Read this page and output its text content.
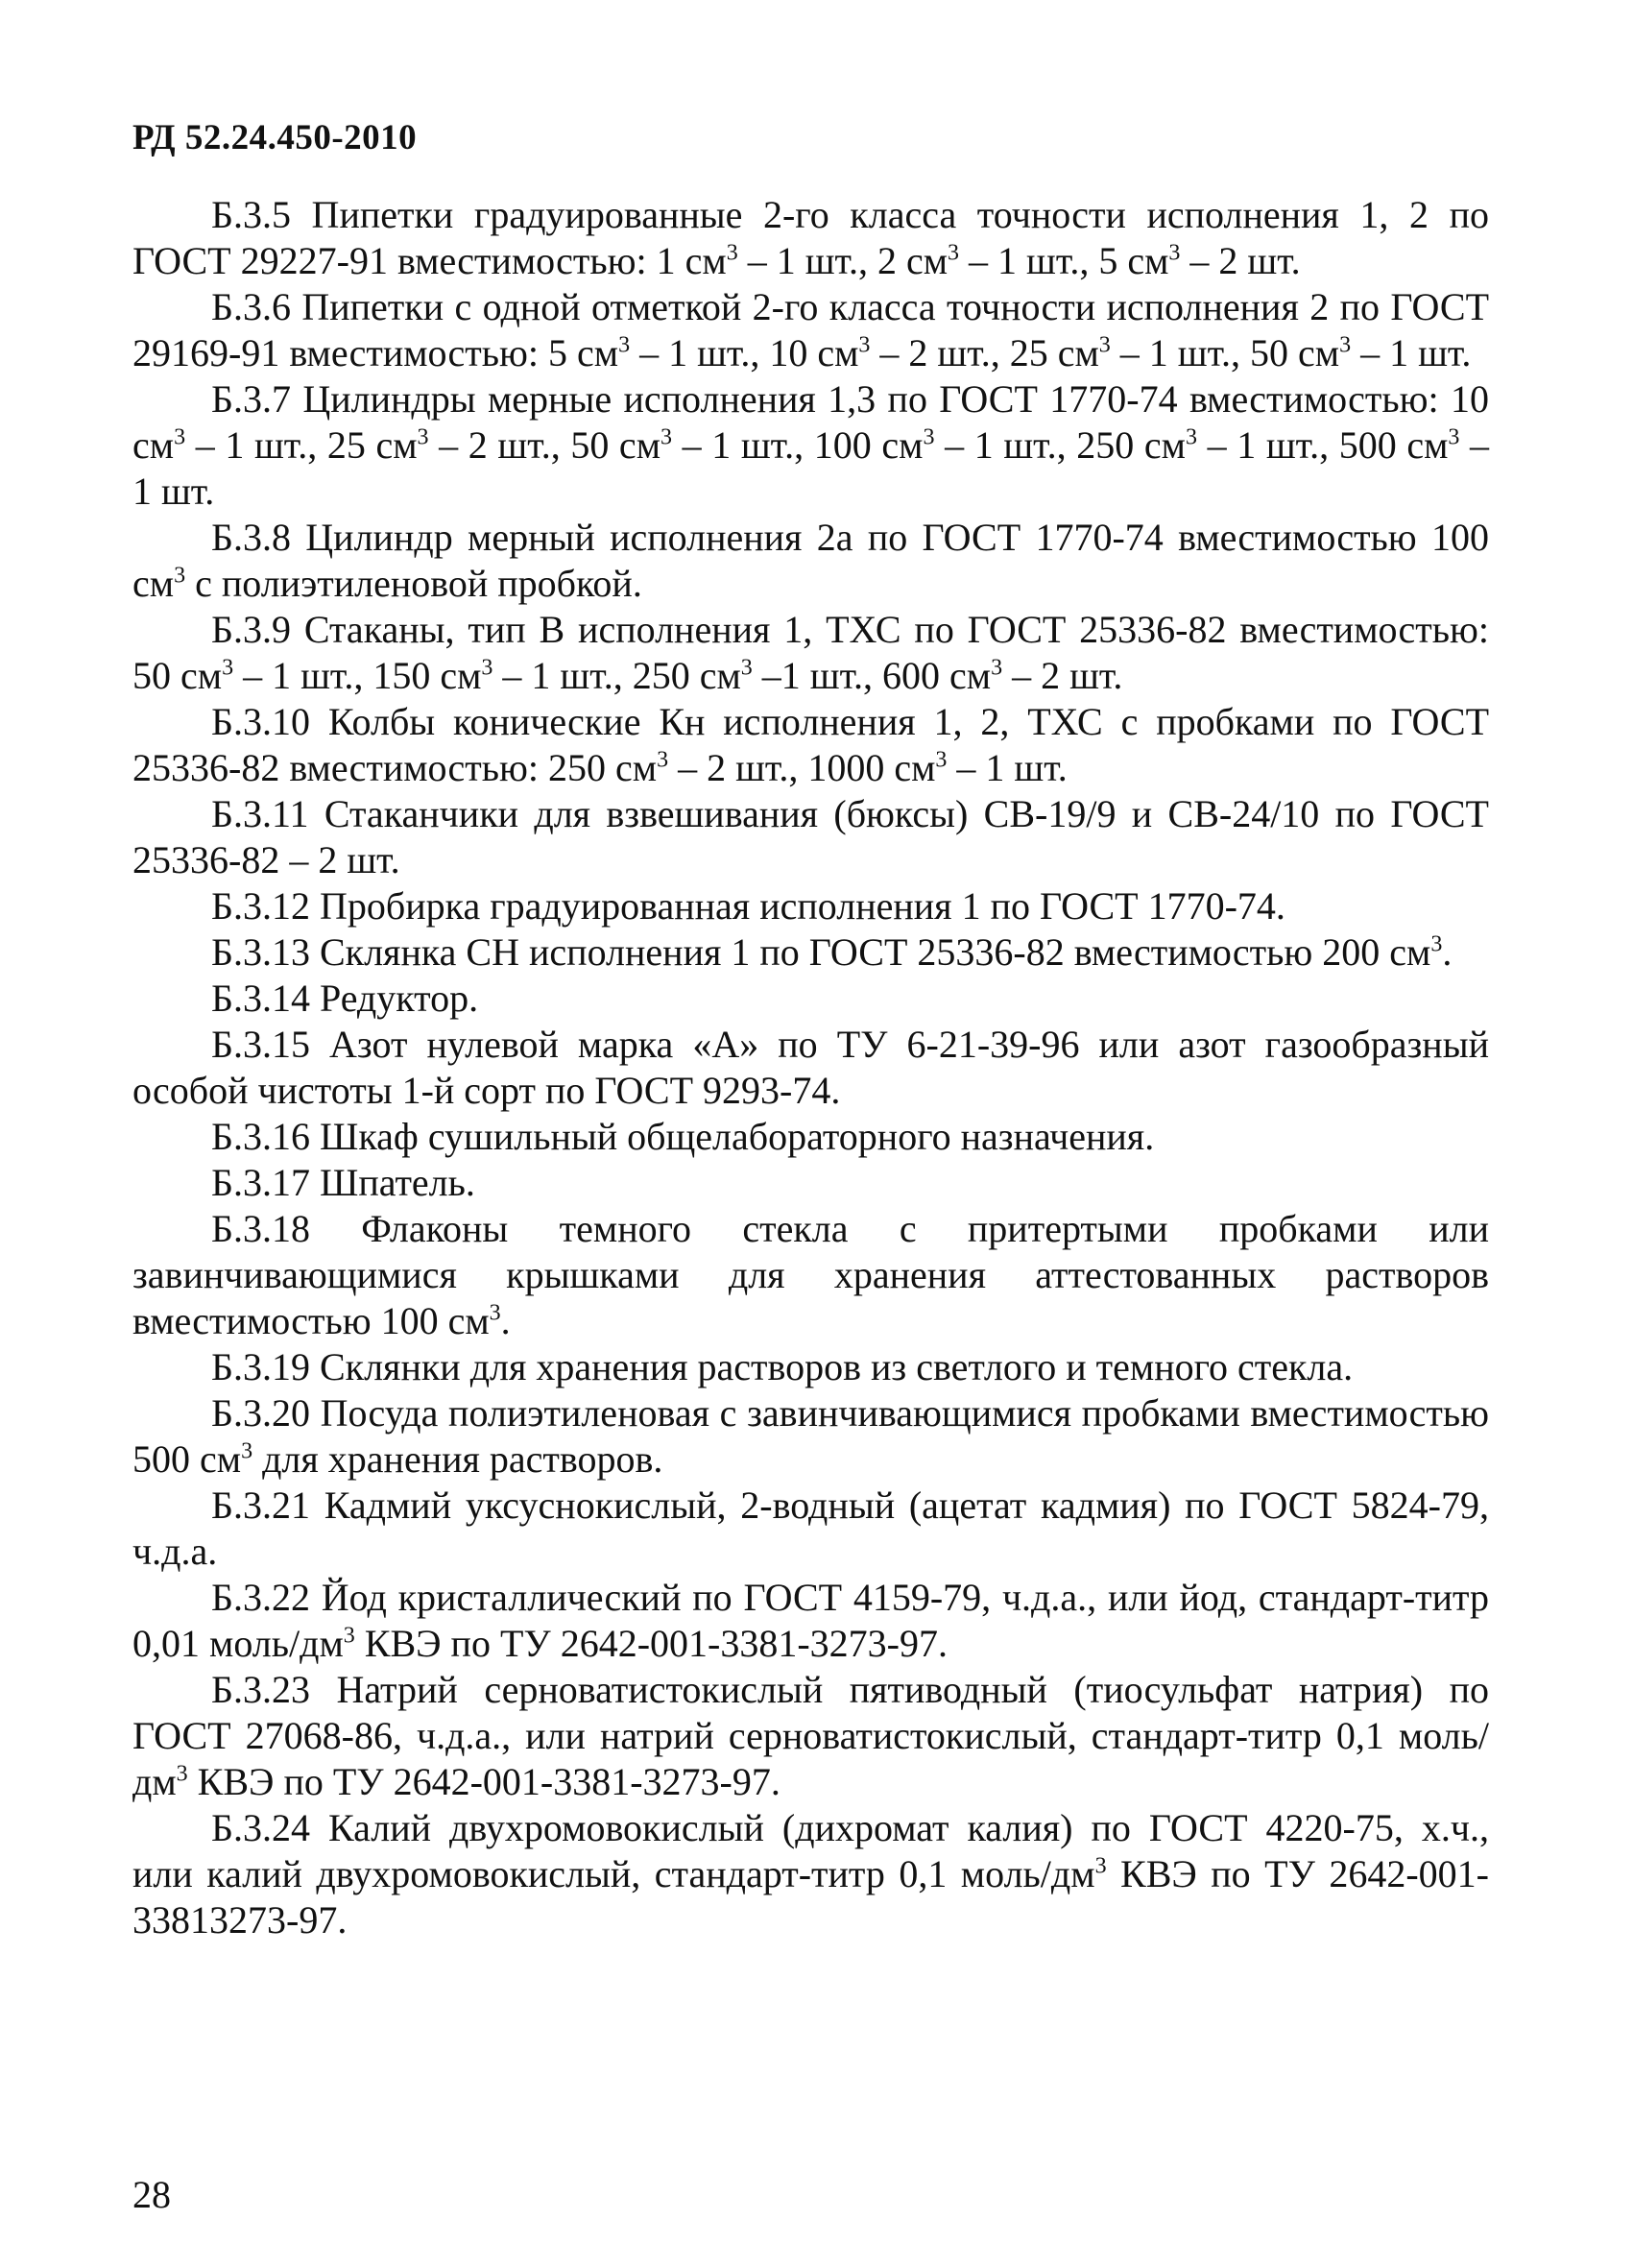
РД 52.24.450-2010

Б.3.5 Пипетки градуированные 2-го класса точности исполнения 1, 2 по ГОСТ 29227-91 вместимостью: 1 $см^3 - 1$ шт., 2 $см^3 - 1$ шт., 5 $см^3 - 2$ шт.

Б.3.6 Пипетки с одной отметкой 2-го класса точности исполнения 2 по ГОСТ 29169-91 вместимостью: 5 $см^3 - 1$ шт., 10 $см^3 - 2$ шт., 25 $см^3 - 1$ шт., 50 $см^3 - 1$ шт.

Б.3.7 Цилиндры мерные исполнения 1,3 по ГОСТ 1770-74 вместимостью: 10 $см^3 - 1$ шт., 25 $см^3 - 2$ шт., 50 $см^3 - 1$ шт., 100 $см^3 - 1$ шт., 250 $см^3 - 1$ шт., 500 $см^3 - 1$ шт.

Б.3.8 Цилиндр мерный исполнения 2а по ГОСТ 1770-74 вместимостью 100 $см^3$ с полиэтиленовой пробкой.

Б.3.9 Стаканы, тип В исполнения 1, ТХС по ГОСТ 25336-82 вместимостью: 50 $см^3 - 1$ шт., 150 $см^3 - 1$ шт., 250 $см^3$ –1 шт., 600 $см^3 - 2$ шт.

Б.3.10 Колбы конические Кн исполнения 1, 2, ТХС с пробками по ГОСТ 25336-82 вместимостью: 250 $см^3 - 2$ шт., 1000 $см^3 - 1$ шт.

Б.3.11 Стаканчики для взвешивания (бюксы) СВ-19/9 и СВ-24/10 по ГОСТ 25336-82 – 2 шт.

Б.3.12 Пробирка градуированная исполнения 1 по ГОСТ 1770-74.

Б.3.13 Склянка СН исполнения 1 по ГОСТ 25336-82 вместимостью 200 $см^3$.

Б.3.14 Редуктор.

Б.3.15 Азот нулевой марка «А» по ТУ 6-21-39-96 или азот газообразный особой чистоты 1-й сорт по ГОСТ 9293-74.

Б.3.16 Шкаф сушильный общелабораторного назначения.

Б.3.17 Шпатель.

Б.3.18 Флаконы темного стекла с притертыми пробками или завинчивающимися крышками для хранения аттестованных растворов вместимостью 100 $см^3$.

Б.3.19 Склянки для хранения растворов из светлого и темного стекла.

Б.3.20 Посуда полиэтиленовая с завинчивающимися пробками вместимостью 500 $см^3$ для хранения растворов.

Б.3.21 Кадмий уксуснокислый, 2-водный (ацетат кадмия) по ГОСТ 5824-79, ч.д.а.

Б.3.22 Йод кристаллический по ГОСТ 4159-79, ч.д.а., или йод, стандарт-титр 0,01 моль/$дм^3$ КВЭ по ТУ 2642-001-3381-3273-97.

Б.3.23 Натрий серноватистокислый пятиводный (тиосульфат натрия) по ГОСТ 27068-86, ч.д.а., или натрий серноватистокислый, стандарт-титр 0,1 моль/$дм^3$ КВЭ по ТУ 2642-001-3381-3273-97.

Б.3.24 Калий двухромовокислый (дихромат калия) по ГОСТ 4220-75, х.ч., или калий двухромовокислый, стандарт-титр 0,1 моль/$дм^3$ КВЭ по ТУ 2642-001-33813273-97.

28
